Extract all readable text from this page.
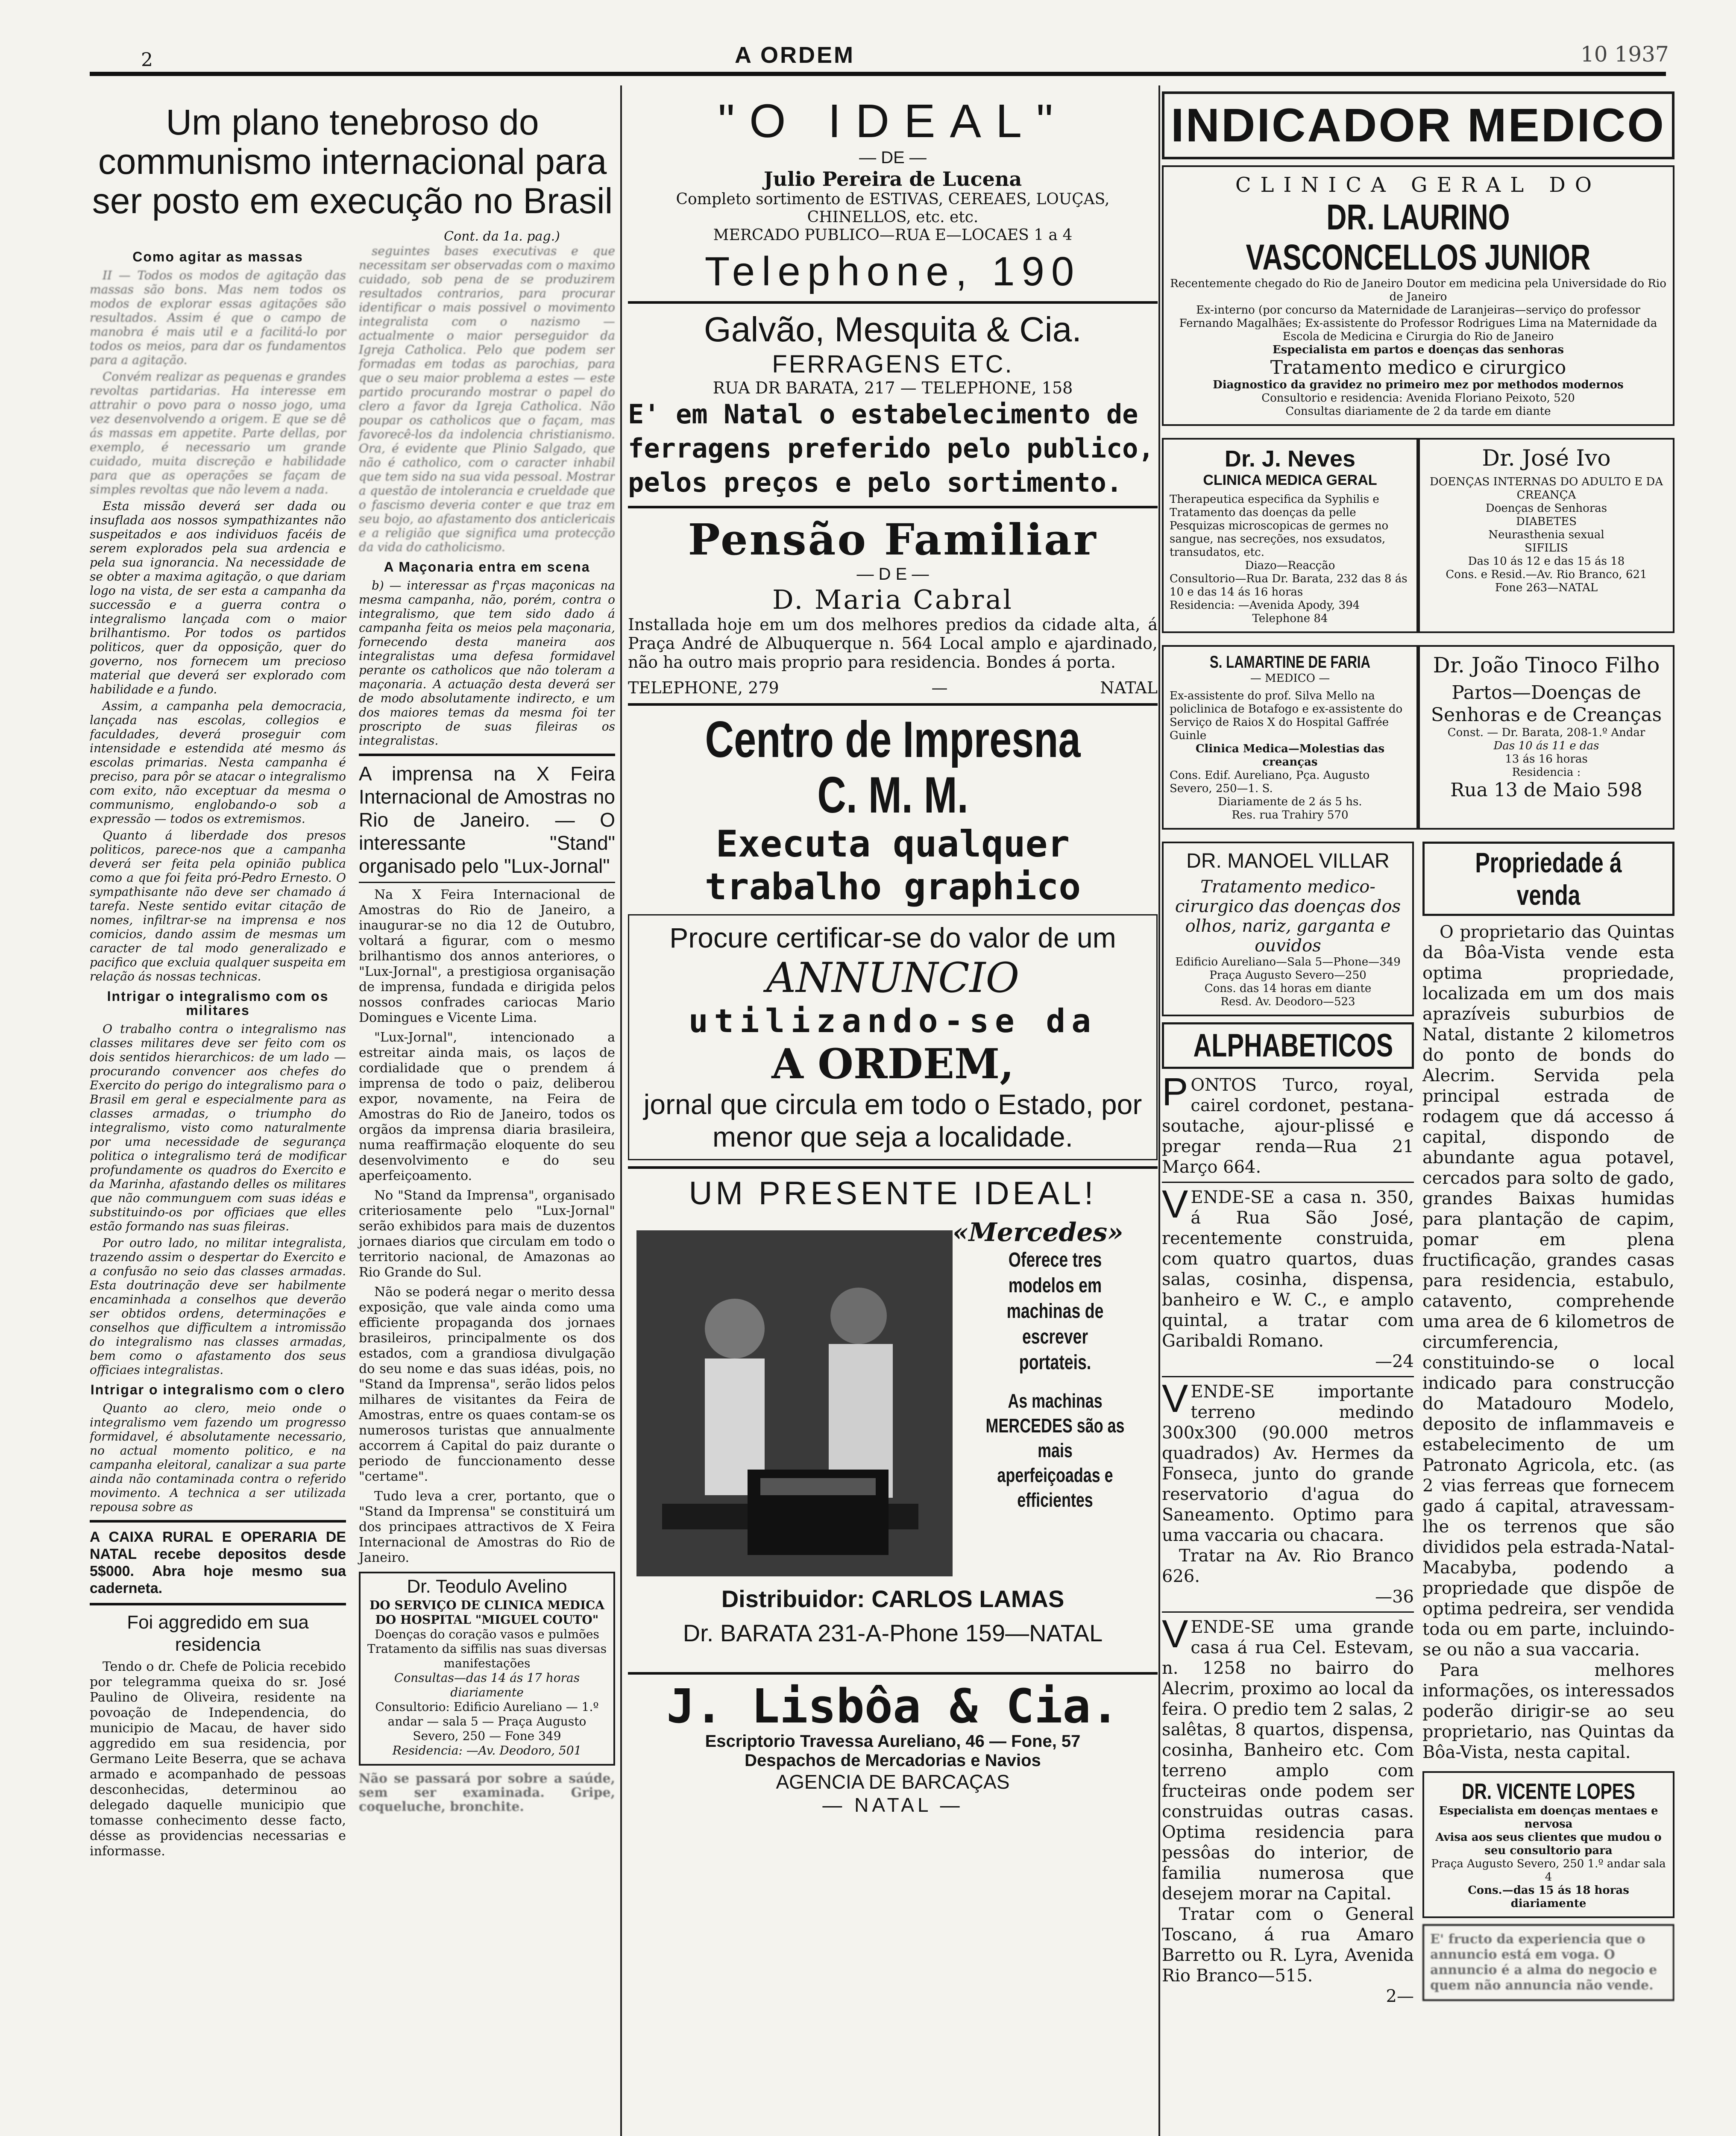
2	A ORDEM	10 1937
Um plano tenebroso do communismo internacional para ser posto em execução no Brasil
Cont. da 1a. pag.)
Como agitar as massas

II — Todos os modos de agitação das massas são bons. Mas nem todos os modos de explorar essas agitações são resultados. Assim é que o campo de manobra é mais util e a facilitá-lo por todos os meios, para dar os fundamentos para a agitação.

Convém realizar as pequenas e grandes revoltas partidarias. Ha interesse em attrahir o povo para o nosso jogo, uma vez desenvolvendo a origem. E que se dê ás massas em appetite. Parte dellas, por exemplo, é necessario um grande cuidado, muita discreção e habilidade para que as operações se façam de simples revoltas que não levem a nada.

Esta missão deverá ser dada ou insuflada aos nossos sympathizantes não suspeitados e aos individuos facéis de serem explorados pela sua ardencia e pela sua ignorancia. Na necessidade de se obter a maxima agitação, o que dariam logo na vista, de ser esta a campanha da successão e a guerra contra o integralismo lançada com o maior brilhantismo. Por todos os partidos politicos, quer da opposição, quer do governo, nos fornecem um precioso material que deverá ser explorado com habilidade e a fundo.

Assim, a campanha pela democracia, lançada nas escolas, collegios e faculdades, deverá proseguir com intensidade e estendida até mesmo ás escolas primarias. Nesta campanha é preciso, para pôr se atacar o integralismo com exito, não exceptuar da mesma o communismo, englobando-o sob a expressão — todos os extremismos.

Quanto á liberdade dos presos politicos, parece-nos que a campanha deverá ser feita pela opinião publica como a que foi feita pró-Pedro Ernesto. O sympathisante não deve ser chamado á tarefa. Neste sentido evitar citação de nomes, infiltrar-se na imprensa e nos comicios, dando assim de mesmas um caracter de tal modo generalizado e pacifico que excluia qualquer suspeita em relação ás nossas technicas.

Intrigar o integralismo com os militares

O trabalho contra o integralismo nas classes militares deve ser feito com os dois sentidos hierarchicos: de um lado — procurando convencer aos chefes do Exercito do perigo do integralismo para o Brasil em geral e especialmente para as classes armadas, o triumpho do integralismo, visto como naturalmente por uma necessidade de segurança politica o integralismo terá de modificar profundamente os quadros do Exercito e da Marinha, afastando delles os militares que não communguem com suas idéas e substituindo-os por officiaes que elles estão formando nas suas fileiras.

Por outro lado, no militar integralista, trazendo assim o despertar do Exercito e a confusão no seio das classes armadas. Esta doutrinação deve ser habilmente encaminhada a conselhos que deverão ser obtidos ordens, determinações e conselhos que difficultem a intromissão do integralismo nas classes armadas, bem como o afastamento dos seus officiaes integralistas.

Intrigar o integralismo com o clero

Quanto ao clero, meio onde o integralismo vem fazendo um progresso formidavel, é absolutamente necessario, no actual momento politico, e na campanha eleitoral, canalizar a sua parte ainda não contaminada contra o referido movimento. A technica a ser utilizada repousa sobre as

A CAIXA RURAL E OPERARIA DE NATAL recebe depositos desde 5$000. Abra hoje mesmo sua caderneta.
Foi aggredido em sua residencia

Tendo o dr. Chefe de Policia recebido por telegramma queixa do sr. José Paulino de Oliveira, residente na povoação de Independencia, do municipio de Macau, de haver sido aggredido em sua residencia, por Germano Leite Beserra, que se achava armado e acompanhado de pessoas desconhecidas, determinou ao delegado daquelle municipio que tomasse conhecimento desse facto, désse as providencias necessarias e informasse.

seguintes bases executivas e que necessitam ser observadas com o maximo cuidado, sob pena de se produzirem resultados contrarios, para procurar identificar o mais possivel o movimento integralista com o nazismo — actualmente o maior perseguidor da Igreja Catholica. Pelo que podem ser formadas em todas as parochias, para que o seu maior problema a estes — este partido procurando mostrar o papel do clero a favor da Igreja Catholica. Não poupar os catholicos que o façam, mas favorecê-los da indolencia christianismo. Ora, é evidente que Plinio Salgado, que não é catholico, com o caracter inhabil que tem sido na sua vida pessoal. Mostrar a questão de intolerancia e crueldade que o fascismo deveria conter e que traz em seu bojo, ao afastamento dos anticlericais e a religião que significa uma protecção da vida do catholicismo.

A Maçonaria entra em scena

b) — interessar as f'rças maçonicas na mesma campanha, não, porém, contra o integralismo, que tem sido dado á campanha feita os meios pela maçonaria, fornecendo desta maneira aos integralistas uma defesa formidavel perante os catholicos que não toleram a maçonaria. A actuação desta deverá ser de modo absolutamente indirecto, e um dos maiores temas da mesma foi ter proscripto de suas fileiras os integralistas.

A imprensa na X Feira Internacional de Amostras no Rio de Janeiro. — O interessante "Stand" organisado pelo "Lux-Jornal"

Na X Feira Internacional de Amostras do Rio de Janeiro, a inaugurar-se no dia 12 de Outubro, voltará a figurar, com o mesmo brilhantismo dos annos anteriores, o "Lux-Jornal", a prestigiosa organisação de imprensa, fundada e dirigida pelos nossos confrades cariocas Mario Domingues e Vicente Lima.

"Lux-Jornal", intencionado a estreitar ainda mais, os laços de cordialidade que o prendem á imprensa de todo o paiz, deliberou expor, novamente, na Feira de Amostras do Rio de Janeiro, todos os orgãos da imprensa diaria brasileira, numa reaffirmação eloquente do seu desenvolvimento e do seu aperfeiçoamento.

No "Stand da Imprensa", organisado criteriosamente pelo "Lux-Jornal" serão exhibidos para mais de duzentos jornaes diarios que circulam em todo o territorio nacional, de Amazonas ao Rio Grande do Sul.

Não se poderá negar o merito dessa exposição, que vale ainda como uma efficiente propaganda dos jornaes brasileiros, principalmente os dos estados, com a grandiosa divulgação do seu nome e das suas idéas, pois, no "Stand da Imprensa", serão lidos pelos milhares de visitantes da Feira de Amostras, entre os quaes contam-se os numerosos turistas que annualmente accorrem á Capital do paiz durante o periodo de funccionamento desse "certame".

Tudo leva a crer, portanto, que o "Stand da Imprensa" se constituirá um dos principaes attractivos de X Feira Internacional de Amostras do Rio de Janeiro.

Dr. Teodulo Avelino
DO SERVIÇO DE CLINICA MEDICA DO HOSPITAL "MIGUEL COUTO"
Doenças do coração vasos e pulmões
Tratamento da siffilis nas suas diversas manifestações
Consultas—das 14 ás 17 horas diariamente
Consultorio: Edificio Aureliano — 1.º andar — sala 5 — Praça Augusto Severo, 250 — Fone 349
Residencia: —Av. Deodoro, 501
Não se passará por sobre a saúde, sem ser examinada. Gripe, coqueluche, bronchite.
"O IDEAL"
— DE —
Julio Pereira de Lucena
Completo sortimento de ESTIVAS, CEREAES, LOUÇAS, CHINELLOS, etc. etc.
MERCADO PUBLICO—RUA E—LOCAES 1 a 4
Telephone, 190
Galvão, Mesquita & Cia.
FERRAGENS ETC.
RUA DR BARATA, 217 — TELEPHONE, 158
E' em Natal o estabelecimento de ferragens preferido pelo publico, pelos preços e pelo sortimento.
Pensão Familiar
— D E —
D. Maria Cabral
Installada hoje em um dos melhores predios da cidade alta, á Praça André de Albuquerque n. 564 Local amplo e ajardinado, não ha outro mais proprio para residencia. Bondes á porta.
TELEPHONE, 279	—	NATAL
Centro de Impresna C. M. M.
Executa qualquer trabalho graphico
Procure certificar-se do valor de um
ANNUNCIO
utilizando-se da
A ORDEM,
jornal que circula em todo o Estado, por menor que seja a localidade.
UM PRESENTE IDEAL!
«Mercedes»
Oferece tres modelos em machinas de escrever portateis.
As machinas MERCEDES são as mais aperfeiçoadas e efficientes
Distribuidor: CARLOS LAMAS
Dr. BARATA 231-A-Phone 159—NATAL
J. Lisbôa & Cia.
Escriptorio Travessa Aureliano, 46 — Fone, 57
Despachos de Mercadorias e Navios
AGENCIA DE BARCAÇAS
— NATAL —
INDICADOR MEDICO
CLINICA GERAL DO
DR. LAURINO VASCONCELLOS JUNIOR
Recentemente chegado do Rio de Janeiro Doutor em medicina pela Universidade do Rio de Janeiro
Ex-interno (por concurso da Maternidade de Laranjeiras—serviço do professor Fernando Magalhães; Ex-assistente do Professor Rodrigues Lima na Maternidade da Escola de Medicina e Cirurgia do Rio de Janeiro
Especialista em partos e doenças das senhoras
Tratamento medico e cirurgico
Diagnostico da gravidez no primeiro mez por methodos modernos
Consultorio e residencia: Avenida Floriano Peixoto, 520
Consultas diariamente de 2 da tarde em diante
Dr. J. Neves
CLINICA MEDICA GERAL
Therapeutica especifica da Syphilis e Tratamento das doenças da pelle Pesquizas microscopicas de germes no sangue, nas secreções, nos exsudatos, transudatos, etc.
Diazo—Reacção
Consultorio—Rua Dr. Barata, 232 das 8 ás 10 e das 14 ás 16 horas
Residencia: —Avenida Apody, 394
Telephone 84
Dr. José Ivo
DOENÇAS INTERNAS DO ADULTO E DA CREANÇA
Doenças de Senhoras
DIABETES
Neurasthenia sexual
SIFILIS
Das 10 ás 12 e das 15 ás 18
Cons. e Resid.—Av. Rio Branco, 621
Fone 263—NATAL
S. LAMARTINE DE FARIA
— MEDICO —
Ex-assistente do prof. Silva Mello na policlinica de Botafogo e ex-assistente do Serviço de Raios X do Hospital Gaffrée Guinle
Clinica Medica—Molestias das creanças
Cons. Edif. Aureliano, Pça. Augusto Severo, 250—1. S.
Diariamente de 2 ás 5 hs.
Res. rua Trahiry 570
Dr. João Tinoco Filho
Partos—Doenças de Senhoras e de Creanças
Const. — Dr. Barata, 208-1.º Andar
Das 10 ás 11 e das
13 ás 16 horas
Residencia :
Rua 13 de Maio 598
DR. MANOEL VILLAR
Tratamento medico-cirurgico das doenças dos olhos, nariz, garganta e ouvidos
Edificio Aureliano—Sala 5—Phone—349
Praça Augusto Severo—250
Cons. das 14 horas em diante
Resd. Av. Deodoro—523
ALPHABETICOS

PONTOS Turco, royal, cairel cordonet, pestana-soutache, ajour-plissé e pregar renda—Rua 21 Março 664.

VENDE-SE a casa n. 350, á Rua São José, recentemente construida, com quatro quartos, duas salas, cosinha, dispensa, banheiro e W. C., e amplo quintal, a tratar com Garibaldi Romano.

—24

VENDE-SE importante terreno medindo 300x300 (90.000 metros quadrados) Av. Hermes da Fonseca, junto do grande reservatorio d'agua do Saneamento. Optimo para uma vaccaria ou chacara.

Tratar na Av. Rio Branco 626.

—36

VENDE-SE uma grande casa á rua Cel. Estevam, n. 1258 no bairro do Alecrim, proximo ao local da feira. O predio tem 2 salas, 2 salêtas, 8 quartos, dispensa, cosinha, Banheiro etc. Com terreno amplo com fructeiras onde podem ser construidas outras casas. Optima residencia para pessôas do interior, de familia numerosa que desejem morar na Capital.

Tratar com o General Toscano, á rua Amaro Barretto ou R. Lyra, Avenida Rio Branco—515.

2—
Propriedade á venda

O proprietario das Quintas da Bôa-Vista vende esta optima propriedade, localizada em um dos mais aprazíveis suburbios de Natal, distante 2 kilometros do ponto de bonds do Alecrim. Servida pela principal estrada de rodagem que dá accesso á capital, dispondo de abundante agua potavel, cercados para solto de gado, grandes Baixas humidas para plantação de capim, pomar em plena fructificação, grandes casas para residencia, estabulo, catavento, comprehende uma area de 6 kilometros de circumferencia, constituindo-se o local indicado para construcção do Matadouro Modelo, deposito de inflammaveis e estabelecimento de um Patronato Agricola, etc. (as 2 vias ferreas que fornecem gado á capital, atravessam-lhe os terrenos que são divididos pela estrada-Natal-Macabyba, podendo a propriedade que dispõe de optima pedreira, ser vendida toda ou em parte, incluindo-se ou não a sua vaccaria.

Para melhores informações, os interessados poderão dirigir-se ao seu proprietario, nas Quintas da Bôa-Vista, nesta capital.

DR. VICENTE LOPES
Especialista em doenças mentaes e nervosa
Avisa aos seus clientes que mudou o seu consultorio para
Praça Augusto Severo, 250 1.º andar sala 4
Cons.—das 15 ás 18 horas diariamente
E' fructo da experiencia que o annuncio está em voga. O annuncio é a alma do negocio e quem não annuncia não vende.
